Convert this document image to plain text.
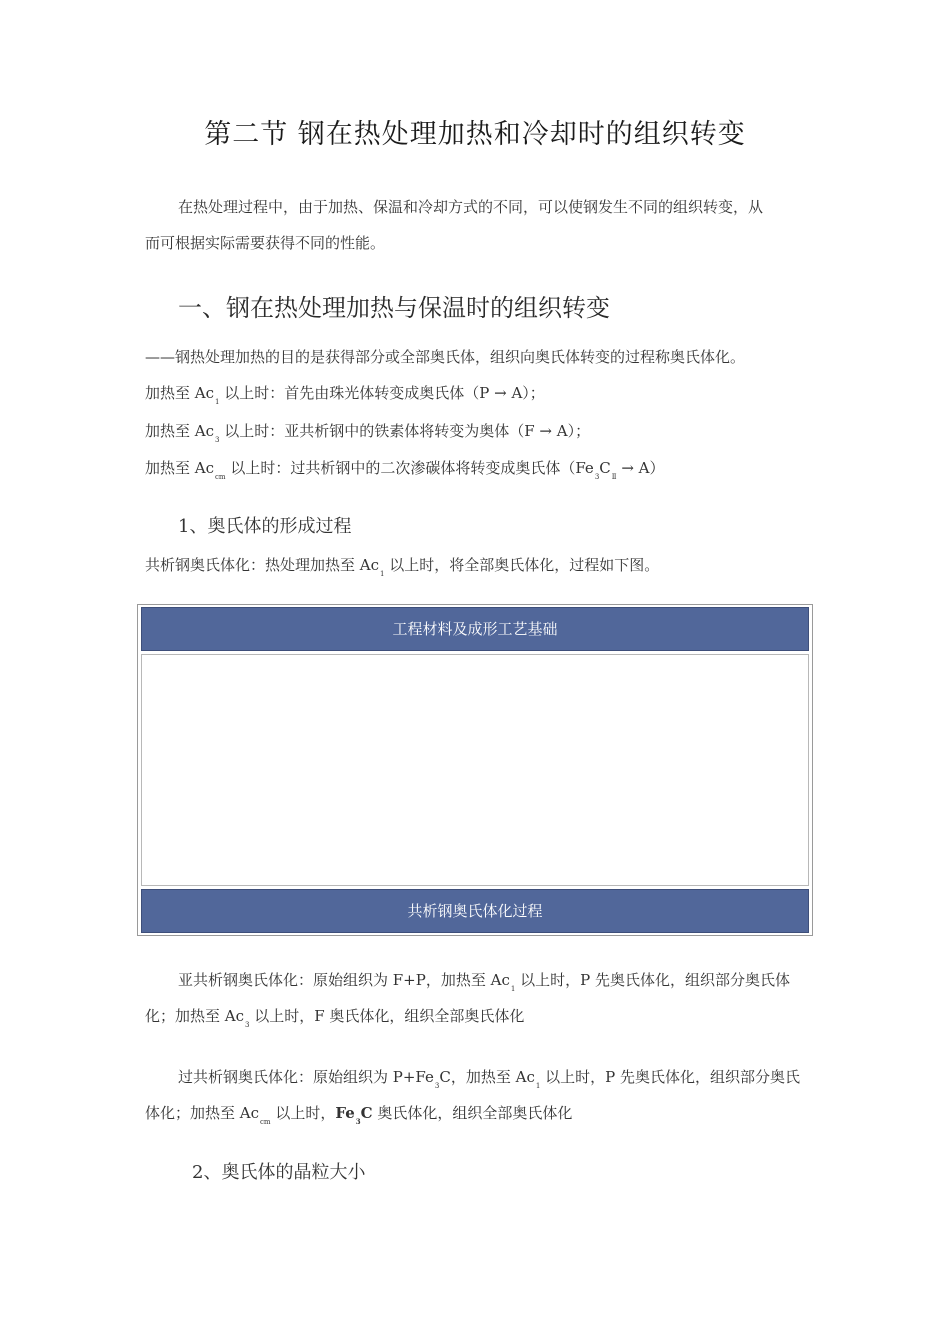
第二节 钢在热处理加热和冷却时的组织转变
在热处理过程中，由于加热、保温和冷却方式的不同，可以使钢发生不同的组织转变，从
而可根据实际需要获得不同的性能。
一、钢在热处理加热与保温时的组织转变
——钢热处理加热的目的是获得部分或全部奥氏体，组织向奥氏体转变的过程称奥氏体化。
加热至 $Ac_1$ 以上时：首先由珠光体转变成奥氏体（P → A）；
加热至 $Ac_3$ 以上时：亚共析钢中的铁素体将转变为奥体（F → A）；
加热至 $Ac_{cm}$ 以上时：过共析钢中的二次渗碳体将转变成奥氏体$(Fe_3C_Ⅱ \to A)$
1、奥氏体的形成过程
共析钢奥氏体化：热处理加热至 $Ac_1$ 以上时，将全部奥氏体化，过程如下图。
工程材料及成形工艺基础
共析钢奥氏体化过程
亚共析钢奥氏体化：原始组织为 F+P，加热至 $Ac_1$ 以上时，P 先奥氏体化，组织部分奥氏体
化；加热至 $Ac_3$ 以上时，F 奥氏体化，组织全部奥氏体化
过共析钢奥氏体化：原始组织为 $P+Fe_3C$，加热至 $Ac_1$ 以上时，P 先奥氏体化，组织部分奥氏
体化；加热至 $Ac_{cm}$ 以上时，$Fe_3C$ 奥氏体化，组织全部奥氏体化
2、奥氏体的晶粒大小
